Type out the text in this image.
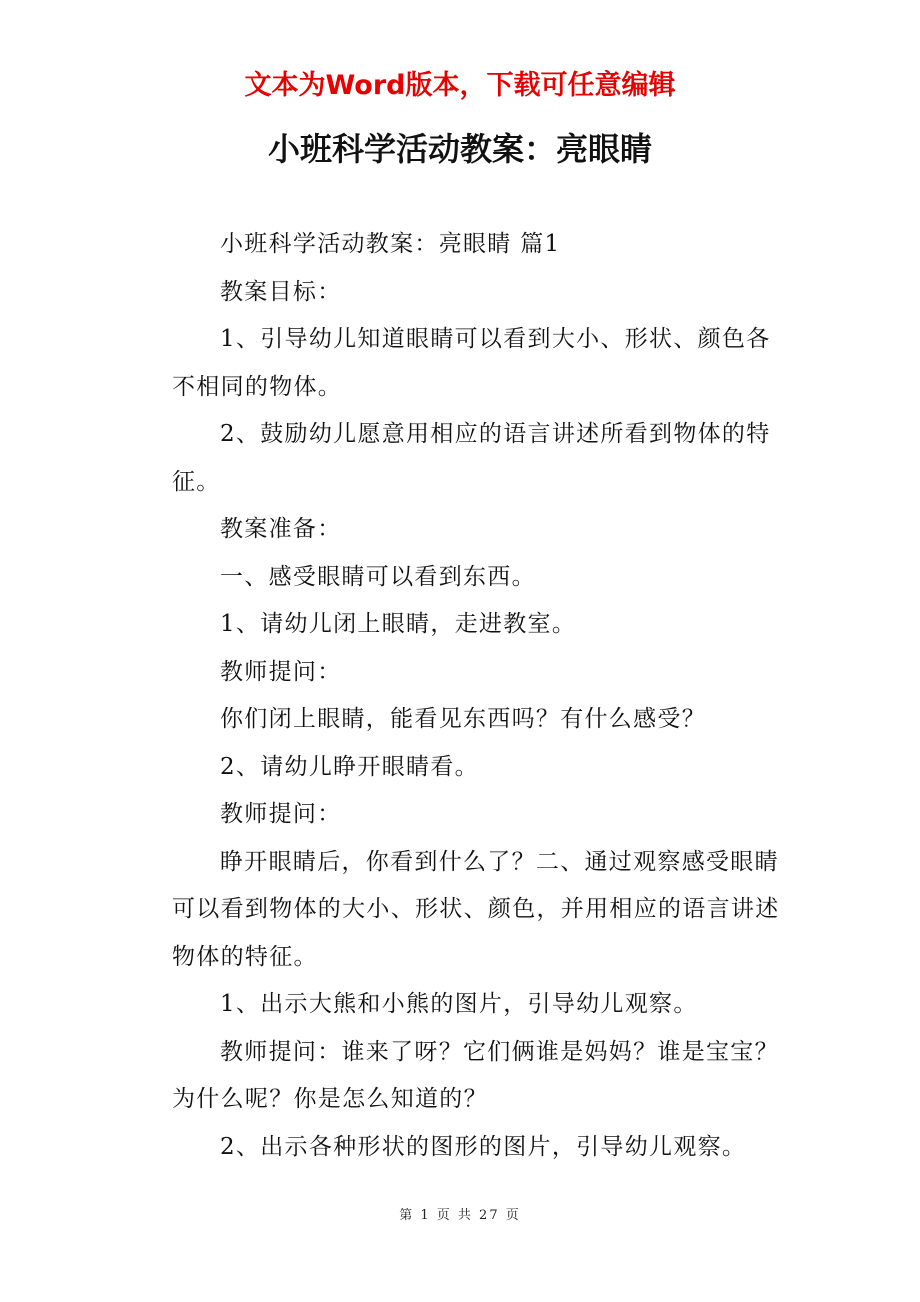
文本为Word版本，下载可任意编辑
小班科学活动教案：亮眼睛

小班科学活动教案：亮眼睛 篇1

教案目标：

1、引导幼儿知道眼睛可以看到大小、形状、颜色各不相同的物体。

2、鼓励幼儿愿意用相应的语言讲述所看到物体的特征。

教案准备：

一、感受眼睛可以看到东西。

1、请幼儿闭上眼睛，走进教室。

教师提问：

你们闭上眼睛，能看见东西吗？有什么感受？

2、请幼儿睁开眼睛看。

教师提问：

睁开眼睛后，你看到什么了？二、通过观察感受眼睛可以看到物体的大小、形状、颜色，并用相应的语言讲述物体的特征。

1、出示大熊和小熊的图片，引导幼儿观察。

教师提问：谁来了呀？它们俩谁是妈妈？谁是宝宝？为什么呢？你是怎么知道的？

2、出示各种形状的图形的图片，引导幼儿观察。

第 1 页 共 27 页
